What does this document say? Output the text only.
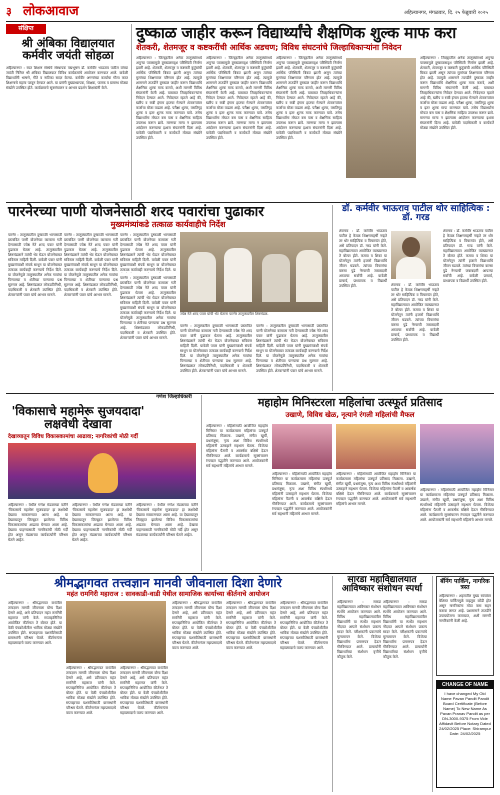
३ लोकआवाज	अहिल्यानगर, मंगळवार, दि. २५ फेब्रुवारी २०२५
संक्षिप्त
श्री अंबिका विद्यालयात कर्मवीर जयंती सोहळा
अहिल्यानगर : रयत शिक्षण संस्थेचे संस्थापक पद्मभूषण डॉ. कर्मवीर भाऊराव पाटील यांच्या जयंती निमित्त श्री अंबिका विद्यालयात विविध कार्यक्रमांचे आयोजन करण्यात आले. यावेळी विद्यार्थ्यांनी भाषणे, गीते व नाटिका सादर केल्या. कर्मवीर अण्णांच्या कार्याचा गौरव करत शिक्षणाचे महत्त्व पटवून देण्यात आले. या प्रसंगी मुख्याध्यापक, शिक्षक, पालक व ग्रामस्थ मोठ्या संख्येने उपस्थित होते. कार्यक्रमाचे सूत्रसंचालन व आभार प्रदर्शन शिक्षकांनी केले.
दुष्काळ जाहीर करून विद्यार्थ्यांचे शैक्षणिक शुल्क माफ करा
शेतकरी, शेतमजूर व कष्टकरींची आर्थिक अडचण; विविध संघटनांचे जिल्हाधिकाऱ्यांना निवेदन
अहिल्यानगर : जिल्ह्यातील अनेक तालुक्यांमध्ये अपुऱ्या पावसामुळे दुष्काळसदृश परिस्थिती निर्माण झाली आहे. शेतकरी, शेतमजूर व कष्टकरी कुटुंबांची आर्थिक परिस्थिती बिकट झाली असून त्यांच्या मुलांच्या शिक्षणावर परिणाम होत आहे. त्यामुळे शासनाने तातडीने दुष्काळ जाहीर करून विद्यार्थ्यांचे शैक्षणिक शुल्क माफ करावे, अशी मागणी विविध संघटनांनी केली आहे. याबाबत जिल्हाधिकाऱ्यांना निवेदन देण्यात आले. निवेदनात म्हटले आहे की, खरीप व रब्बी हंगाम हातचा गेल्याने शेतकऱ्यांवर कर्जाचा बोजा वाढला आहे. परीक्षा शुल्क, वसतिगृह शुल्क व इतर शुल्क माफ करण्यात यावे. तसेच विद्यार्थ्यांना मोफत बस पास व शैक्षणिक साहित्य उपलब्ध करून द्यावे. मागण्या मान्य न झाल्यास आंदोलन करण्याचा इशारा संघटनांनी दिला आहे. यावेळी पदाधिकारी व कार्यकर्ते मोठ्या संख्येने उपस्थित होते.
अहिल्यानगर : जिल्ह्यातील अनेक तालुक्यांमध्ये अपुऱ्या पावसामुळे दुष्काळसदृश परिस्थिती निर्माण झाली आहे. शेतकरी, शेतमजूर व कष्टकरी कुटुंबांची आर्थिक परिस्थिती बिकट झाली असून त्यांच्या मुलांच्या शिक्षणावर परिणाम होत आहे. त्यामुळे शासनाने तातडीने दुष्काळ जाहीर करून विद्यार्थ्यांचे शैक्षणिक शुल्क माफ करावे, अशी मागणी विविध संघटनांनी केली आहे. याबाबत जिल्हाधिकाऱ्यांना निवेदन देण्यात आले. निवेदनात म्हटले आहे की, खरीप व रब्बी हंगाम हातचा गेल्याने शेतकऱ्यांवर कर्जाचा बोजा वाढला आहे. परीक्षा शुल्क, वसतिगृह शुल्क व इतर शुल्क माफ करण्यात यावे. तसेच विद्यार्थ्यांना मोफत बस पास व शैक्षणिक साहित्य उपलब्ध करून द्यावे. मागण्या मान्य न झाल्यास आंदोलन करण्याचा इशारा संघटनांनी दिला आहे. यावेळी पदाधिकारी व कार्यकर्ते मोठ्या संख्येने उपस्थित होते.
अहिल्यानगर : जिल्ह्यातील अनेक तालुक्यांमध्ये अपुऱ्या पावसामुळे दुष्काळसदृश परिस्थिती निर्माण झाली आहे. शेतकरी, शेतमजूर व कष्टकरी कुटुंबांची आर्थिक परिस्थिती बिकट झाली असून त्यांच्या मुलांच्या शिक्षणावर परिणाम होत आहे. त्यामुळे शासनाने तातडीने दुष्काळ जाहीर करून विद्यार्थ्यांचे शैक्षणिक शुल्क माफ करावे, अशी मागणी विविध संघटनांनी केली आहे. याबाबत जिल्हाधिकाऱ्यांना निवेदन देण्यात आले. निवेदनात म्हटले आहे की, खरीप व रब्बी हंगाम हातचा गेल्याने शेतकऱ्यांवर कर्जाचा बोजा वाढला आहे. परीक्षा शुल्क, वसतिगृह शुल्क व इतर शुल्क माफ करण्यात यावे. तसेच विद्यार्थ्यांना मोफत बस पास व शैक्षणिक साहित्य उपलब्ध करून द्यावे. मागण्या मान्य न झाल्यास आंदोलन करण्याचा इशारा संघटनांनी दिला आहे. यावेळी पदाधिकारी व कार्यकर्ते मोठ्या संख्येने उपस्थित होते.
अहिल्यानगर : जिल्ह्यातील अनेक तालुक्यांमध्ये अपुऱ्या पावसामुळे दुष्काळसदृश परिस्थिती निर्माण झाली आहे. शेतकरी, शेतमजूर व कष्टकरी कुटुंबांची आर्थिक परिस्थिती बिकट झाली असून त्यांच्या मुलांच्या शिक्षणावर परिणाम होत आहे. त्यामुळे शासनाने तातडीने दुष्काळ जाहीर करून विद्यार्थ्यांचे शैक्षणिक शुल्क माफ करावे, अशी मागणी विविध संघटनांनी केली आहे. याबाबत जिल्हाधिकाऱ्यांना निवेदन देण्यात आले. निवेदनात म्हटले आहे की, खरीप व रब्बी हंगाम हातचा गेल्याने शेतकऱ्यांवर कर्जाचा बोजा वाढला आहे. परीक्षा शुल्क, वसतिगृह शुल्क व इतर शुल्क माफ करण्यात यावे. तसेच विद्यार्थ्यांना मोफत बस पास व शैक्षणिक साहित्य उपलब्ध करून द्यावे. मागण्या मान्य न झाल्यास आंदोलन करण्याचा इशारा संघटनांनी दिला आहे. यावेळी पदाधिकारी व कार्यकर्ते मोठ्या संख्येने उपस्थित होते.
पारनेरच्या पाणी योजनेसाठी शरद पवारांचा पुढाकार
मुख्यमंत्र्यांकडे तत्काळ कार्यवाहीचे निर्देश
पारनेर : तालुक्यातील दुष्काळी भागासाठी प्रस्तावित पाणी योजनेच्या कामाला गती देण्यासाठी ज्येष्ठ नेते शरद पवार यांनी पुढाकार घेतला आहे. तालुक्यातील शिष्टमंडळाने त्यांची भेट घेऊन योजनेबाबत सविस्तर माहिती दिली. यावेळी पवार यांनी मुख्यमंत्र्यांशी संपर्क साधून या योजनेबाबत तत्काळ कार्यवाही करण्याचे निर्देश दिले. या योजनेमुळे तालुक्यातील अनेक गावांचा पिण्याच्या व शेतीच्या पाण्याचा प्रश्न सुटणार आहे. शिष्टमंडळात लोकप्रतिनिधी, पदाधिकारी व शेतकरी उपस्थित होते. शेतकऱ्यांनी पवार यांचे आभार मानले.
पारनेर : तालुक्यातील दुष्काळी भागासाठी प्रस्तावित पाणी योजनेच्या कामाला गती देण्यासाठी ज्येष्ठ नेते शरद पवार यांनी पुढाकार घेतला आहे. तालुक्यातील शिष्टमंडळाने त्यांची भेट घेऊन योजनेबाबत सविस्तर माहिती दिली. यावेळी पवार यांनी मुख्यमंत्र्यांशी संपर्क साधून या योजनेबाबत तत्काळ कार्यवाही करण्याचे निर्देश दिले. या योजनेमुळे तालुक्यातील अनेक गावांचा पिण्याच्या व शेतीच्या पाण्याचा प्रश्न सुटणार आहे. शिष्टमंडळात लोकप्रतिनिधी, पदाधिकारी व शेतकरी उपस्थित होते. शेतकऱ्यांनी पवार यांचे आभार मानले.
पारनेर : तालुक्यातील दुष्काळी भागासाठी प्रस्तावित पाणी योजनेच्या कामाला गती देण्यासाठी ज्येष्ठ नेते शरद पवार यांनी पुढाकार घेतला आहे. तालुक्यातील शिष्टमंडळाने त्यांची भेट घेऊन योजनेबाबत सविस्तर माहिती दिली. यावेळी पवार यांनी मुख्यमंत्र्यांशी संपर्क साधून या योजनेबाबत तत्काळ कार्यवाही करण्याचे निर्देश दिले. या
ज्येष्ठ नेते शरद पवार यांची भेट घेताना पारनेर तालुक्यातील शिष्टमंडळ.
पारनेर : तालुक्यातील दुष्काळी भागासाठी प्रस्तावित पाणी योजनेच्या कामाला गती देण्यासाठी ज्येष्ठ नेते शरद पवार यांनी पुढाकार घेतला आहे. तालुक्यातील शिष्टमंडळाने त्यांची भेट घेऊन योजनेबाबत सविस्तर माहिती दिली. यावेळी पवार यांनी मुख्यमंत्र्यांशी संपर्क साधून या योजनेबाबत तत्काळ कार्यवाही करण्याचे निर्देश दिले. या योजनेमुळे तालुक्यातील अनेक गावांचा पिण्याच्या व शेतीच्या पाण्याचा प्रश्न सुटणार आहे. शिष्टमंडळात लोकप्रतिनिधी, पदाधिकारी व शेतकरी उपस्थित होते. शेतकऱ्यांनी पवार यांचे आभार मानले.
पारनेर : तालुक्यातील दुष्काळी भागासाठी प्रस्तावित पाणी योजनेच्या कामाला गती देण्यासाठी ज्येष्ठ नेते शरद पवार यांनी पुढाकार घेतला आहे. तालुक्यातील शिष्टमंडळाने त्यांची भेट घेऊन योजनेबाबत सविस्तर माहिती दिली. यावेळी पवार यांनी मुख्यमंत्र्यांशी संपर्क साधून या योजनेबाबत तत्काळ कार्यवाही करण्याचे निर्देश दिले. या योजनेमुळे तालुक्यातील अनेक गावांचा पिण्याच्या व शेतीच्या पाण्याचा प्रश्न सुटणार आहे. शिष्टमंडळात लोकप्रतिनिधी, पदाधिकारी व शेतकरी उपस्थित होते. शेतकऱ्यांनी पवार यांचे आभार मानले.
पारनेर : तालुक्यातील दुष्काळी भागासाठी प्रस्तावित पाणी योजनेच्या कामाला गती देण्यासाठी ज्येष्ठ नेते शरद पवार यांनी पुढाकार घेतला आहे. तालुक्यातील शिष्टमंडळाने त्यांची भेट घेऊन योजनेबाबत सविस्तर माहिती दिली. यावेळी पवार यांनी मुख्यमंत्र्यांशी संपर्क साधून या योजनेबाबत तत्काळ कार्यवाही करण्याचे निर्देश दिले. या योजनेमुळे तालुक्यातील अनेक गावांचा पिण्याच्या व शेतीच्या पाण्याचा प्रश्न सुटणार आहे. शिष्टमंडळात लोकप्रतिनिधी, पदाधिकारी व शेतकरी उपस्थित होते. शेतकऱ्यांनी पवार यांचे आभार मानले.
डॉ. कर्मवीर भाऊराव पाटील थोर साहित्यिक : डॉ. गरड
शेवगाव : डॉ. कर्मवीर भाऊराव पाटील हे केवळ शिक्षणमहर्षी नव्हते तर थोर साहित्यिक व विचारवंत होते, असे प्रतिपादन डॉ. गरड यांनी केले. महाविद्यालयात आयोजित व्याख्यानात ते बोलत होते. कमवा व शिका या योजनेतून त्यांनी हजारो विद्यार्थ्यांचे जीवन घडवले. त्यांच्या विचारांचा वारसा पुढे नेण्याची जबाबदारी आपल्या सर्वांची आहे. यावेळी प्राचार्य, प्राध्यापक व विद्यार्थी उपस्थित होते.	शेवगाव : डॉ. कर्मवीर भाऊराव पाटील हे केवळ शिक्षणमहर्षी नव्हते तर थोर साहित्यिक व विचारवंत होते, असे प्रतिपादन डॉ. गरड यांनी केले. महाविद्यालयात आयोजित व्याख्यानात ते बोलत होते. कमवा व शिका या योजनेतून त्यांनी हजारो विद्यार्थ्यांचे जीवन घडवले. त्यांच्या विचारांचा वारसा पुढे नेण्याची जबाबदारी आपल्या सर्वांची आहे. यावेळी प्राचार्य, प्राध्यापक व विद्यार्थी उपस्थित होते.
शेवगाव : डॉ. कर्मवीर भाऊराव पाटील हे केवळ शिक्षणमहर्षी नव्हते तर थोर साहित्यिक व विचारवंत होते, असे प्रतिपादन डॉ. गरड यांनी केले. महाविद्यालयात आयोजित व्याख्यानात ते बोलत होते. कमवा व शिका या योजनेतून त्यांनी हजारो विद्यार्थ्यांचे जीवन घडवले. त्यांच्या विचारांचा वारसा पुढे नेण्याची जबाबदारी आपल्या सर्वांची आहे. यावेळी प्राचार्य, प्राध्यापक व विद्यार्थी उपस्थित होते.
गणेश जिल्हाधिकारी
'विकासाचे महामेरू सुजयदादा' लक्षवेधी देखावा
देखाव्यातून विविध विकासकामांचा आढावा; नागरिकांची मोठी गर्दी
अहिल्यानगर : येथील गणेश मंडळाच्या वतीने 'विकासाचे महामेरू सुजयदादा' हा लक्षवेधी देखावा साकारण्यात आला आहे. या देखाव्यातून जिल्ह्यात झालेल्या विविध विकासकामांचा आढावा घेण्यात आला आहे. देखावा पाहण्यासाठी नागरिकांची मोठी गर्दी होत असून मंडळाच्या कार्यकर्त्यांनी परिश्रम घेतले आहेत.
अहिल्यानगर : येथील गणेश मंडळाच्या वतीने 'विकासाचे महामेरू सुजयदादा' हा लक्षवेधी देखावा साकारण्यात आला आहे. या देखाव्यातून जिल्ह्यात झालेल्या विविध विकासकामांचा आढावा घेण्यात आला आहे. देखावा पाहण्यासाठी नागरिकांची मोठी गर्दी होत असून मंडळाच्या कार्यकर्त्यांनी परिश्रम घेतले आहेत.
अहिल्यानगर : येथील गणेश मंडळाच्या वतीने 'विकासाचे महामेरू सुजयदादा' हा लक्षवेधी देखावा साकारण्यात आला आहे. या देखाव्यातून जिल्ह्यात झालेल्या विविध विकासकामांचा आढावा घेण्यात आला आहे. देखावा पाहण्यासाठी नागरिकांची मोठी गर्दी होत असून मंडळाच्या कार्यकर्त्यांनी परिश्रम घेतले आहेत.
महाहोम मिनिस्टरला महिलांचा उत्स्फूर्त प्रतिसाद
उखाणे, विविध खेळ, नृत्याने रंगली महिलांची मैफल
अहिल्यानगर : महिलांसाठी आयोजित महाहोम मिनिस्टर या कार्यक्रमाला महिलांचा उत्स्फूर्त प्रतिसाद मिळाला. उखाणे, संगीत खुर्ची, प्रश्नमंजुषा, नृत्य अशा विविध स्पर्धांमध्ये महिलांनी उत्साहाने सहभाग घेतला. विजेत्या महिलांना पैठणी व आकर्षक बक्षिसे देऊन गौरविण्यात आले. कार्यक्रमाचे सूत्रसंचालन रंगतदार पद्धतीने करण्यात आले. आयोजकांनी सर्व सहभागी महिलांचे आभार मानले.
अहिल्यानगर : महिलांसाठी आयोजित महाहोम मिनिस्टर या कार्यक्रमाला महिलांचा उत्स्फूर्त प्रतिसाद मिळाला. उखाणे, संगीत खुर्ची, प्रश्नमंजुषा, नृत्य अशा विविध स्पर्धांमध्ये महिलांनी उत्साहाने सहभाग घेतला. विजेत्या महिलांना पैठणी व आकर्षक बक्षिसे देऊन गौरविण्यात आले. कार्यक्रमाचे सूत्रसंचालन रंगतदार पद्धतीने करण्यात आले. आयोजकांनी सर्व सहभागी महिलांचे आभार मानले.
अहिल्यानगर : महिलांसाठी आयोजित महाहोम मिनिस्टर या कार्यक्रमाला महिलांचा उत्स्फूर्त प्रतिसाद मिळाला. उखाणे, संगीत खुर्ची, प्रश्नमंजुषा, नृत्य अशा विविध स्पर्धांमध्ये महिलांनी उत्साहाने सहभाग घेतला. विजेत्या महिलांना पैठणी व आकर्षक बक्षिसे देऊन गौरविण्यात आले. कार्यक्रमाचे सूत्रसंचालन रंगतदार पद्धतीने करण्यात आले. आयोजकांनी सर्व सहभागी महिलांचे आभार मानले.
अहिल्यानगर : महिलांसाठी आयोजित महाहोम मिनिस्टर या कार्यक्रमाला महिलांचा उत्स्फूर्त प्रतिसाद मिळाला. उखाणे, संगीत खुर्ची, प्रश्नमंजुषा, नृत्य अशा विविध स्पर्धांमध्ये महिलांनी उत्साहाने सहभाग घेतला. विजेत्या महिलांना पैठणी व आकर्षक बक्षिसे देऊन गौरविण्यात आले. कार्यक्रमाचे सूत्रसंचालन रंगतदार पद्धतीने करण्यात आले. आयोजकांनी सर्व सहभागी महिलांचे आभार मानले.
श्रीमद्भागवत तत्त्वज्ञान मानवी जीवनाला दिशा देणारे
महंत रामगिरी महाराज : सावकाडी-वाडी येथील सामाजिक कार्याच्या कीर्तनाचे आयोजन
अहिल्यानगर : श्रीमद्भागवत कथेतील तत्त्वज्ञान मानवी जीवनाला योग्य दिशा देणारे आहे, असे प्रतिपादन महंत रामगिरी महाराज यांनी केले. सप्ताहानिमित्त आयोजित कीर्तनात ते बोलत होते. या वेळी पंचक्रोशीतील भाविक मोठ्या संख्येने उपस्थित होते. सप्ताहाच्या यशस्वीतेसाठी ग्रामस्थांनी परिश्रम घेतले. कीर्तनानंतर महाप्रसादाचे वाटप करण्यात आले.
अहिल्यानगर : श्रीमद्भागवत कथेतील तत्त्वज्ञान मानवी जीवनाला योग्य दिशा देणारे आहे, असे प्रतिपादन महंत रामगिरी महाराज यांनी केले. सप्ताहानिमित्त आयोजित कीर्तनात ते बोलत होते. या वेळी पंचक्रोशीतील भाविक मोठ्या संख्येने उपस्थित होते. सप्ताहाच्या यशस्वीतेसाठी ग्रामस्थांनी परिश्रम घेतले. कीर्तनानंतर महाप्रसादाचे वाटप करण्यात आले.
अहिल्यानगर : श्रीमद्भागवत कथेतील तत्त्वज्ञान मानवी जीवनाला योग्य दिशा देणारे आहे, असे प्रतिपादन महंत रामगिरी महाराज यांनी केले. सप्ताहानिमित्त आयोजित कीर्तनात ते बोलत होते. या वेळी पंचक्रोशीतील भाविक मोठ्या संख्येने उपस्थित होते. सप्ताहाच्या यशस्वीतेसाठी ग्रामस्थांनी परिश्रम घेतले. कीर्तनानंतर महाप्रसादाचे वाटप करण्यात आले.
अहिल्यानगर : श्रीमद्भागवत कथेतील तत्त्वज्ञान मानवी जीवनाला योग्य दिशा देणारे आहे, असे प्रतिपादन महंत रामगिरी महाराज यांनी केले. सप्ताहानिमित्त आयोजित कीर्तनात ते बोलत होते. या वेळी पंचक्रोशीतील भाविक मोठ्या संख्येने उपस्थित होते. सप्ताहाच्या यशस्वीतेसाठी ग्रामस्थांनी परिश्रम घेतले. कीर्तनानंतर महाप्रसादाचे वाटप करण्यात आले.
अहिल्यानगर : श्रीमद्भागवत कथेतील तत्त्वज्ञान मानवी जीवनाला योग्य दिशा देणारे आहे, असे प्रतिपादन महंत रामगिरी महाराज यांनी केले. सप्ताहानिमित्त आयोजित कीर्तनात ते बोलत होते. या वेळी पंचक्रोशीतील भाविक मोठ्या संख्येने उपस्थित होते. सप्ताहाच्या यशस्वीतेसाठी ग्रामस्थांनी परिश्रम घेतले. कीर्तनानंतर महाप्रसादाचे वाटप करण्यात आले.
अहिल्यानगर : श्रीमद्भागवत कथेतील तत्त्वज्ञान मानवी जीवनाला योग्य दिशा देणारे आहे, असे प्रतिपादन महंत रामगिरी महाराज यांनी केले. सप्ताहानिमित्त आयोजित कीर्तनात ते बोलत होते. या वेळी पंचक्रोशीतील भाविक मोठ्या संख्येने उपस्थित होते. सप्ताहाच्या यशस्वीतेसाठी ग्रामस्थांनी परिश्रम घेतले. कीर्तनानंतर महाप्रसादाचे वाटप करण्यात आले.
सारडा महाविद्यालयात आविष्कार संशोधन स्पर्धा
अहिल्यानगर : सारडा महाविद्यालयात आविष्कार संशोधन स्पर्धेचे आयोजन करण्यात आले. विविध महाविद्यालयांतील विद्यार्थ्यांनी या स्पर्धेत सहभाग नोंदवत आपले संशोधन प्रकल्प सादर केले. परीक्षकांनी प्रकल्पांचे मूल्यमापन केले. विजेत्या विद्यार्थ्यांना प्रमाणपत्र देऊन गौरविण्यात आले. प्राचार्यांनी विद्यार्थ्यांच्या संशोधन वृत्तीचे कौतुक केले.
अहिल्यानगर : सारडा महाविद्यालयात आविष्कार संशोधन स्पर्धेचे आयोजन करण्यात आले. विविध महाविद्यालयांतील विद्यार्थ्यांनी या स्पर्धेत सहभाग नोंदवत आपले संशोधन प्रकल्प सादर केले. परीक्षकांनी प्रकल्पांचे मूल्यमापन केले. विजेत्या विद्यार्थ्यांना प्रमाणपत्र देऊन गौरविण्यात आले. प्राचार्यांनी विद्यार्थ्यांच्या संशोधन वृत्तीचे कौतुक केले.
बॅनिंग पार्किंग, नागरिक त्रस्त
अहिल्यानगर : शहरातील मुख्य रस्त्यांवर बेशिस्त पार्किंगमुळे वाहतूक कोंडी होत असून नागरिकांना मोठा त्रास सहन करावा लागत आहे. प्रशासनाने तातडीने उपाययोजना कराव्यात, अशी मागणी नागरिकांनी केली आहे.
CHANGE OF NAME
I have changed My Old Name Pavan Pandit Pandit Board Certificate (Before Name) To New Name As Pavan Pranav Pandit as per DN-3000-9375 From Vide Affidavit Before Notary Dated 24/02/2025 Place: Shirampur Date: 24/02/2025
